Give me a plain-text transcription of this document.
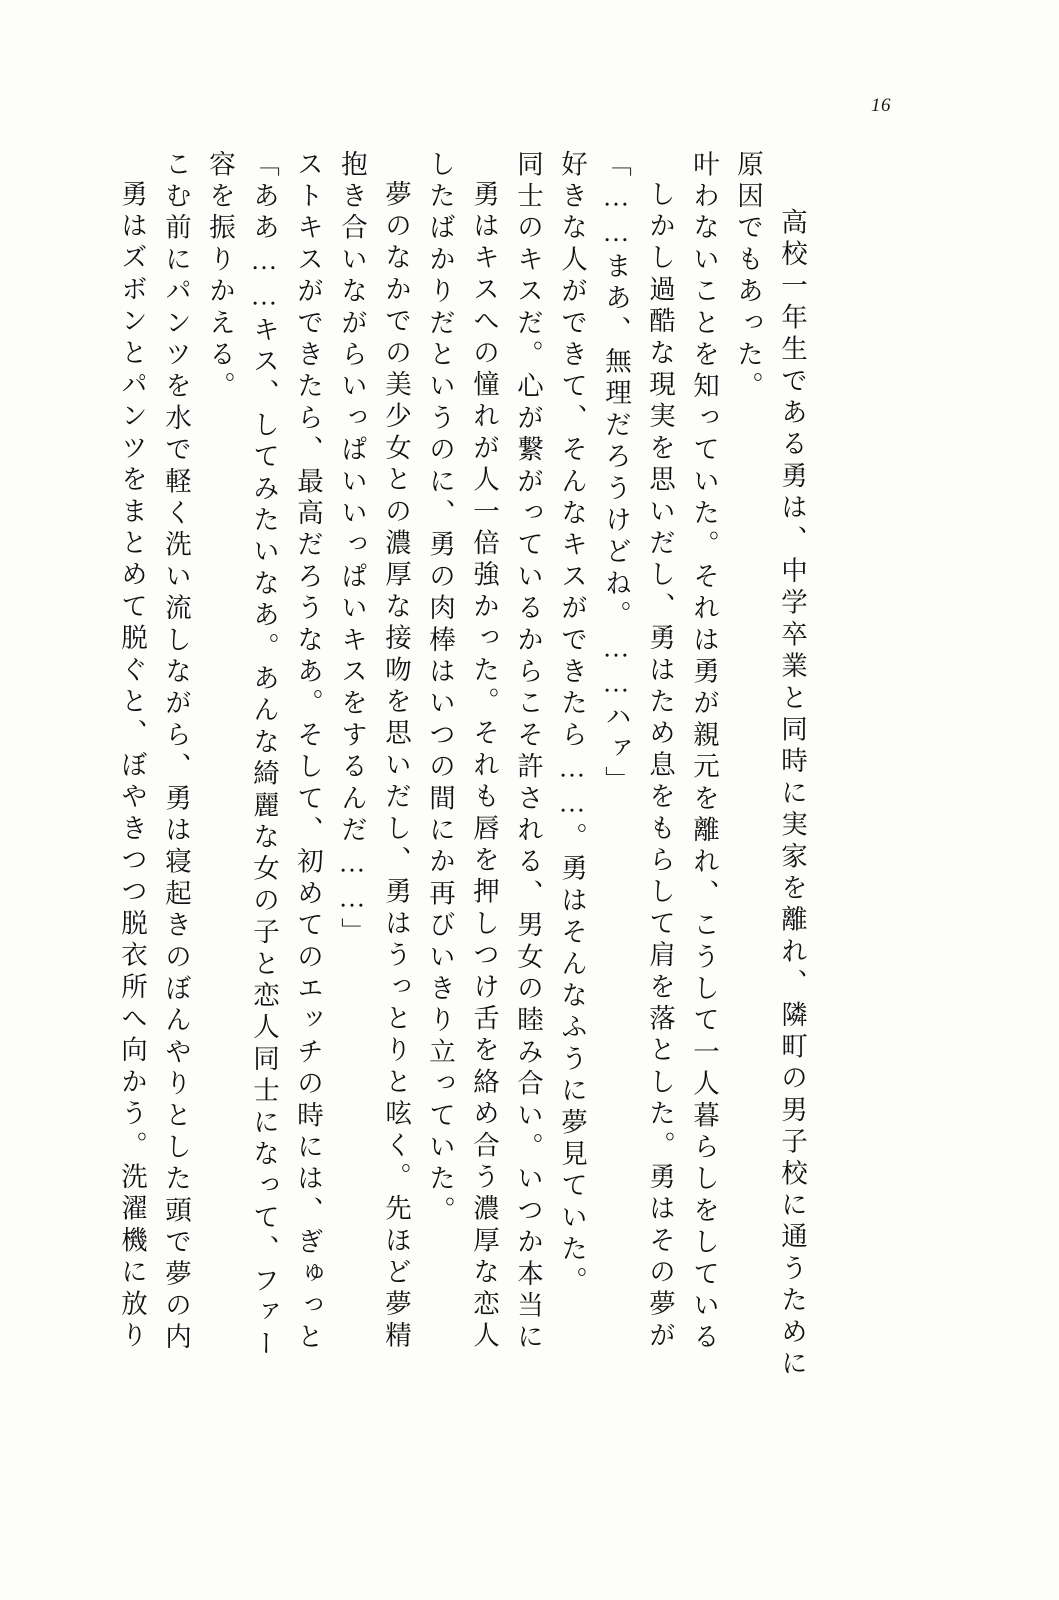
16
勇はズボンとパンツをまとめて脱ぐと、ぼやきつつ脱衣所へ向かう。洗濯機に放り こむ前にパンツを水で軽く洗い流しながら、勇は寝起きのぼんやりとした頭で夢の内 容を振りかえる。 「ああ……キス、してみたいなあ。あんな綺麗な女の子と恋人同士になって、ファー ストキスができたら、最高だろうなあ。そして、初めてのエッチの時には、ぎゅっと 抱き合いながらいっぱいいっぱいキスをするんだ……」 夢のなかでの美少女との濃厚な接吻を思いだし、勇はうっとりと呟く。先ほど夢精 したばかりだというのに、勇の肉棒はいつの間にか再びいきり立っていた。 勇はキスへの憧れが人一倍強かった。それも唇を押しつけ舌を絡め合う濃厚な恋人 同士のキスだ。心が繋がっているからこそ許される、男女の睦み合い。いつか本当に 好きな人ができて、そんなキスができたら……。勇はそんなふうに夢見ていた。 「……まあ、無理だろうけどね。……ハァ」 しかし過酷な現実を思いだし、勇はため息をもらして肩を落とした。勇はその夢が 叶わないことを知っていた。それは勇が親元を離れ、こうして一人暮らしをしている 原因でもあった。 高校一年生である勇は、中学卒業と同時に実家を離れ、隣町の男子校に通うために
